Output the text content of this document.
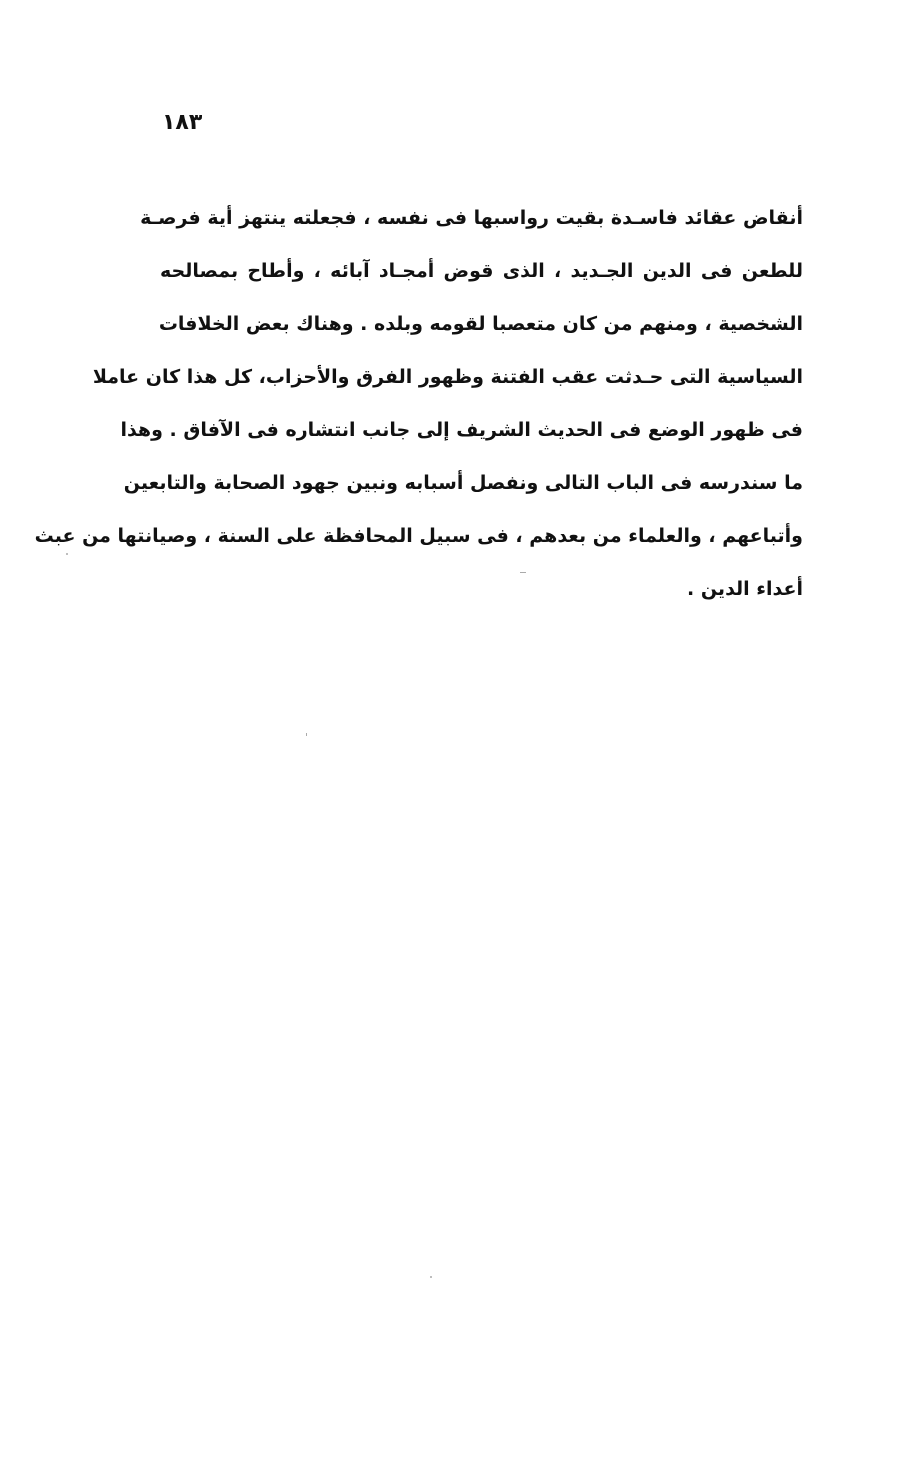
١٨٣
أنقاض عقائد فاسـدة بقيت رواسبها فى نفسه ، فجعلته ينتهز أية فرصـة
للطعن فى الدين الجـديد ، الذى قوض أمجـاد آبائه ، وأطاح بمصالحه
الشخصية ، ومنهم من كان متعصبا لقومه وبلده . وهناك بعض الخلافات
السياسية التى حـدثت عقب الفتنة وظهور الفرق والأحزاب، كل هذا كان عاملا
فى ظهور الوضع فى الحديث الشريف إلى جانب انتشاره فى الآفاق . وهذا
ما سندرسه فى الباب التالى ونفصل أسبابه ونبين جهود الصحابة والتابعين
وأتباعهم ، والعلماء من بعدهم ، فى سبيل المحافظة على السنة ، وصيانتها من عبث
أعداء الدين .
